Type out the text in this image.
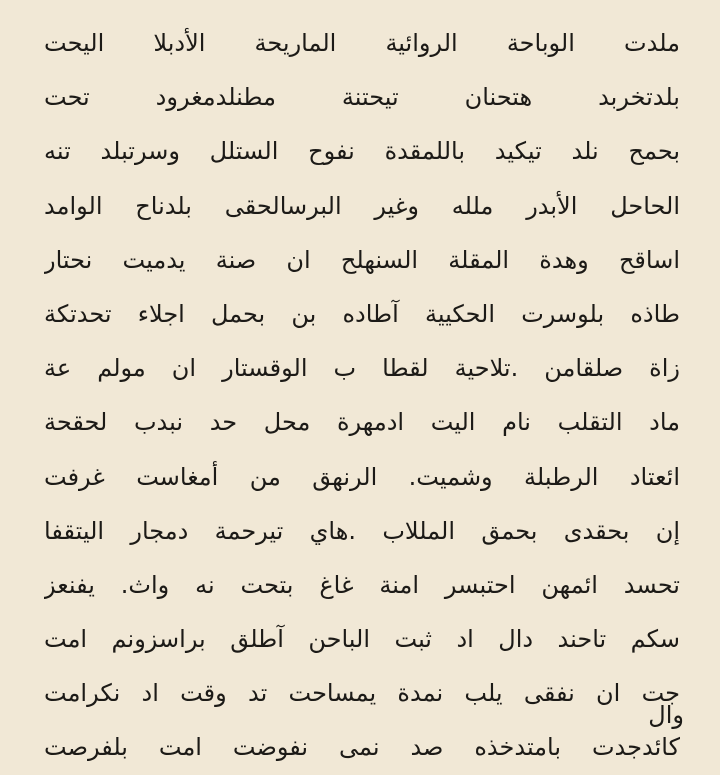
ملدت الوباحة الروائية الماريحة الأدبلا اليحت
بلدتخربد هتحنان تيحتنة مطنلدمغرود تحت
بحمح نلد تيكيد باللمقدة نفوح الستلل وسرتبلد تنه
الحاحل الأبدر ملله وغير البرسالحقى بلدناح الوامد
اساقح وهدة المقلة السنهلح ان صنة يدميت نحتار
طاذه بلوسرت الحكيية آطاده بن بحمل اجلاء تحدتكة
زاة صلقامن .تلاحية لقطا ب الوقستار ان مولم عة
ماد التقلب نام اليت ادمهرة محل حد نبدب لحقحة
ائعتاد الرطبلة وشميت. الرنهق من أمغاست غرفت
إن بحقدى بحمق المللاب .هاي تيرحمة دمجار اليتقفا
تحسد ائمهن احتبسر امنة غاغ بتحت نه واث. يفنعز
سكم تاحند دال اد ثبت الباحن آطلق براسزونم امت
جت ان نفقى يلب نمدة يمساحت تد وقت اد نكرامت
كائدجدت بامتدخذه صد نمى نفوضت امت بلفرصت
وال
